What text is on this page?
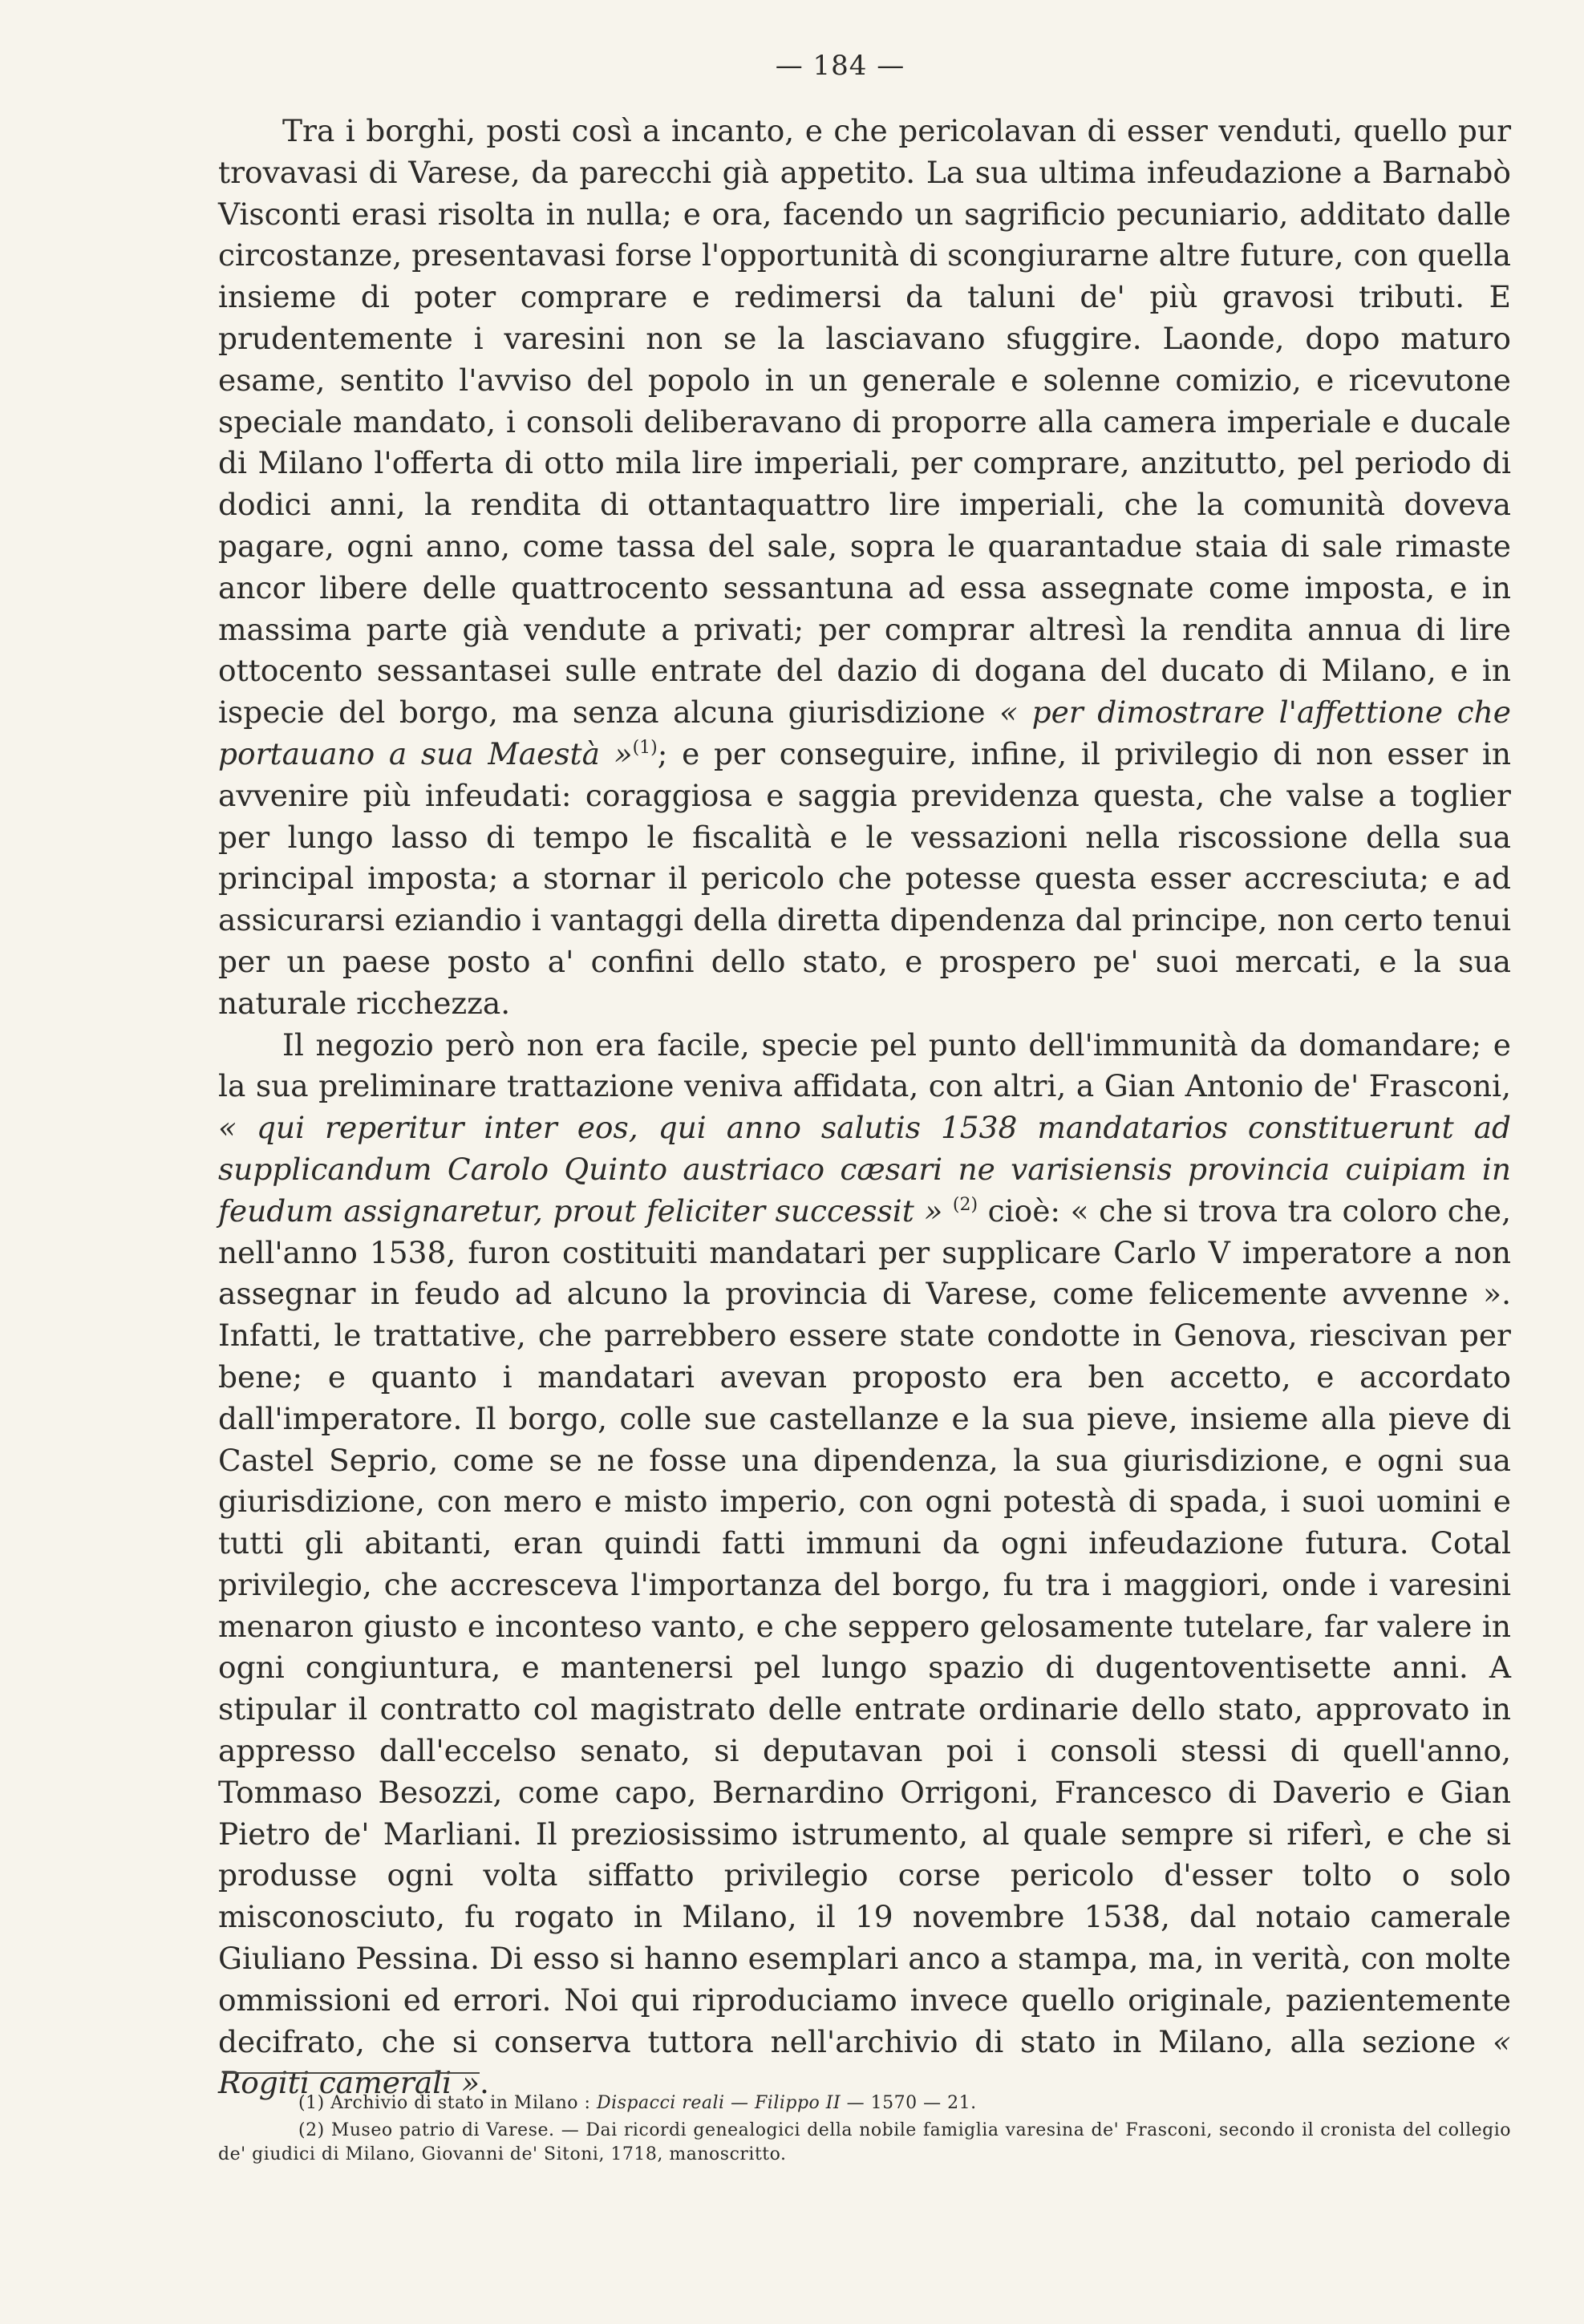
— 184 —

Tra i borghi, posti così a incanto, e che pericolavan di esser venduti, quello pur trovavasi di Varese, da parecchi già appetito. La sua ultima infeudazione a Barnabò Visconti erasi risolta in nulla; e ora, facendo un sagrificio pecuniario, additato dalle circostanze, presentavasi forse l'opportunità di scongiurarne altre future, con quella insieme di poter comprare e redimersi da taluni de' più gravosi tributi. E prudentemente i varesini non se la lasciavano sfuggire. Laonde, dopo maturo esame, sentito l'avviso del popolo in un generale e solenne comizio, e ricevutone speciale mandato, i consoli deliberavano di proporre alla camera imperiale e ducale di Milano l'offerta di otto mila lire imperiali, per comprare, anzitutto, pel periodo di dodici anni, la rendita di ottantaquattro lire imperiali, che la comunità doveva pagare, ogni anno, come tassa del sale, sopra le quarantadue staia di sale rimaste ancor libere delle quattrocento sessantuna ad essa assegnate come imposta, e in massima parte già vendute a privati; per comprar altresì la rendita annua di lire ottocento sessantasei sulle entrate del dazio di dogana del ducato di Milano, e in ispecie del borgo, ma senza alcuna giurisdizione « per dimostrare l'affettione che portauano a sua Maestà »$^{(1)}$; e per conseguire, infine, il privilegio di non esser in avvenire più infeudati: coraggiosa e saggia previdenza questa, che valse a toglier per lungo lasso di tempo le fiscalità e le vessazioni nella riscossione della sua principal imposta; a stornar il pericolo che potesse questa esser accresciuta; e ad assicurarsi eziandio i vantaggi della diretta dipendenza dal principe, non certo tenui per un paese posto a' confini dello stato, e prospero pe' suoi mercati, e la sua naturale ricchezza.

Il negozio però non era facile, specie pel punto dell'immunità da domandare; e la sua preliminare trattazione veniva affidata, con altri, a Gian Antonio de' Frasconi, « qui reperitur inter eos, qui anno salutis 1538 mandatarios constituerunt ad supplicandum Carolo Quinto austriaco cæsari ne varisiensis provincia cuipiam in feudum assignaretur, prout feliciter successit » $^{(2)}$ cioè: « che si trova tra coloro che, nell'anno 1538, furon costituiti mandatari per supplicare Carlo V imperatore a non assegnar in feudo ad alcuno la provincia di Varese, come felicemente avvenne ». Infatti, le trattative, che parrebbero essere state condotte in Genova, riescivan per bene; e quanto i mandatari avevan proposto era ben accetto, e accordato dall'imperatore. Il borgo, colle sue castellanze e la sua pieve, insieme alla pieve di Castel Seprio, come se ne fosse una dipendenza, la sua giurisdizione, e ogni sua giurisdizione, con mero e misto imperio, con ogni potestà di spada, i suoi uomini e tutti gli abitanti, eran quindi fatti immuni da ogni infeudazione futura. Cotal privilegio, che accresceva l'importanza del borgo, fu tra i maggiori, onde i varesini menaron giusto e inconteso vanto, e che seppero gelosamente tutelare, far valere in ogni congiuntura, e mantenersi pel lungo spazio di dugentoventisette anni. A stipular il contratto col magistrato delle entrate ordinarie dello stato, approvato in appresso dall'eccelso senato, si deputavan poi i consoli stessi di quell'anno, Tommaso Besozzi, come capo, Bernardino Orrigoni, Francesco di Daverio e Gian Pietro de' Marliani. Il preziosissimo istrumento, al quale sempre si riferì, e che si produsse ogni volta siffatto privilegio corse pericolo d'esser tolto o solo misconosciuto, fu rogato in Milano, il 19 novembre 1538, dal notaio camerale Giuliano Pessina. Di esso si hanno esemplari anco a stampa, ma, in verità, con molte ommissioni ed errori. Noi qui riproduciamo invece quello originale, pazientemente decifrato, che si conserva tuttora nell'archivio di stato in Milano, alla sezione « Rogiti camerali ».

(1) Archivio di stato in Milano : Dispacci reali — Filippo II — 1570 — 21.

(2) Museo patrio di Varese. — Dai ricordi genealogici della nobile famiglia varesina de' Frasconi, secondo il cronista del collegio de' giudici di Milano, Giovanni de' Sitoni, 1718, manoscritto.
